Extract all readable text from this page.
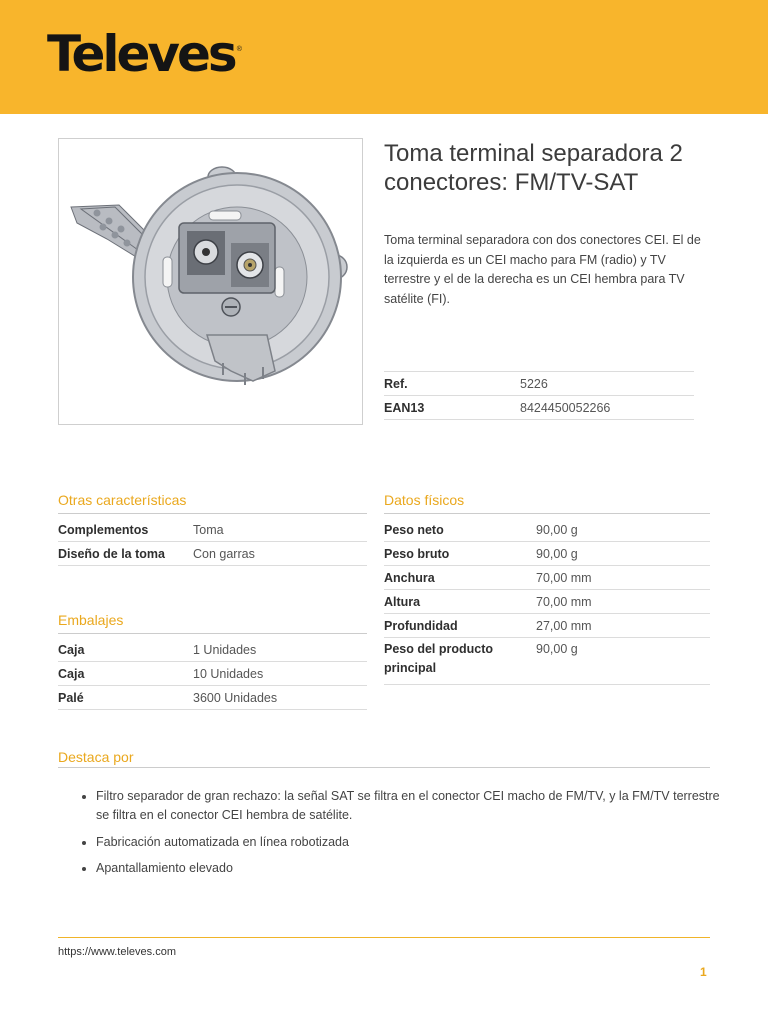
Televes ®
Toma terminal separadora 2 conectores: FM/TV-SAT

Toma terminal separadora con dos conectores CEI. El de la izquierda es un CEI macho para FM (radio) y TV terrestre y el de la derecha es un CEI hembra para TV satélite (FI).

Ref.	5226
EAN13	8424450052266
Otras características
Complementos	Toma
Diseño de la toma	Con garras
Embalajes
Caja	1 Unidades
Caja	10 Unidades
Palé	3600 Unidades
Datos físicos
Peso neto	90,00 g
Peso bruto	90,00 g
Anchura	70,00 mm
Altura	70,00 mm
Profundidad	27,00 mm
Peso del producto principal	90,00 g
Destaca por
• Filtro separador de gran rechazo: la señal SAT se filtra en el conector CEI macho de FM/TV, y la FM/TV terrestre se filtra en el conector CEI hembra de satélite.
• Fabricación automatizada en línea robotizada
• Apantallamiento elevado
https://www.televes.com
1
